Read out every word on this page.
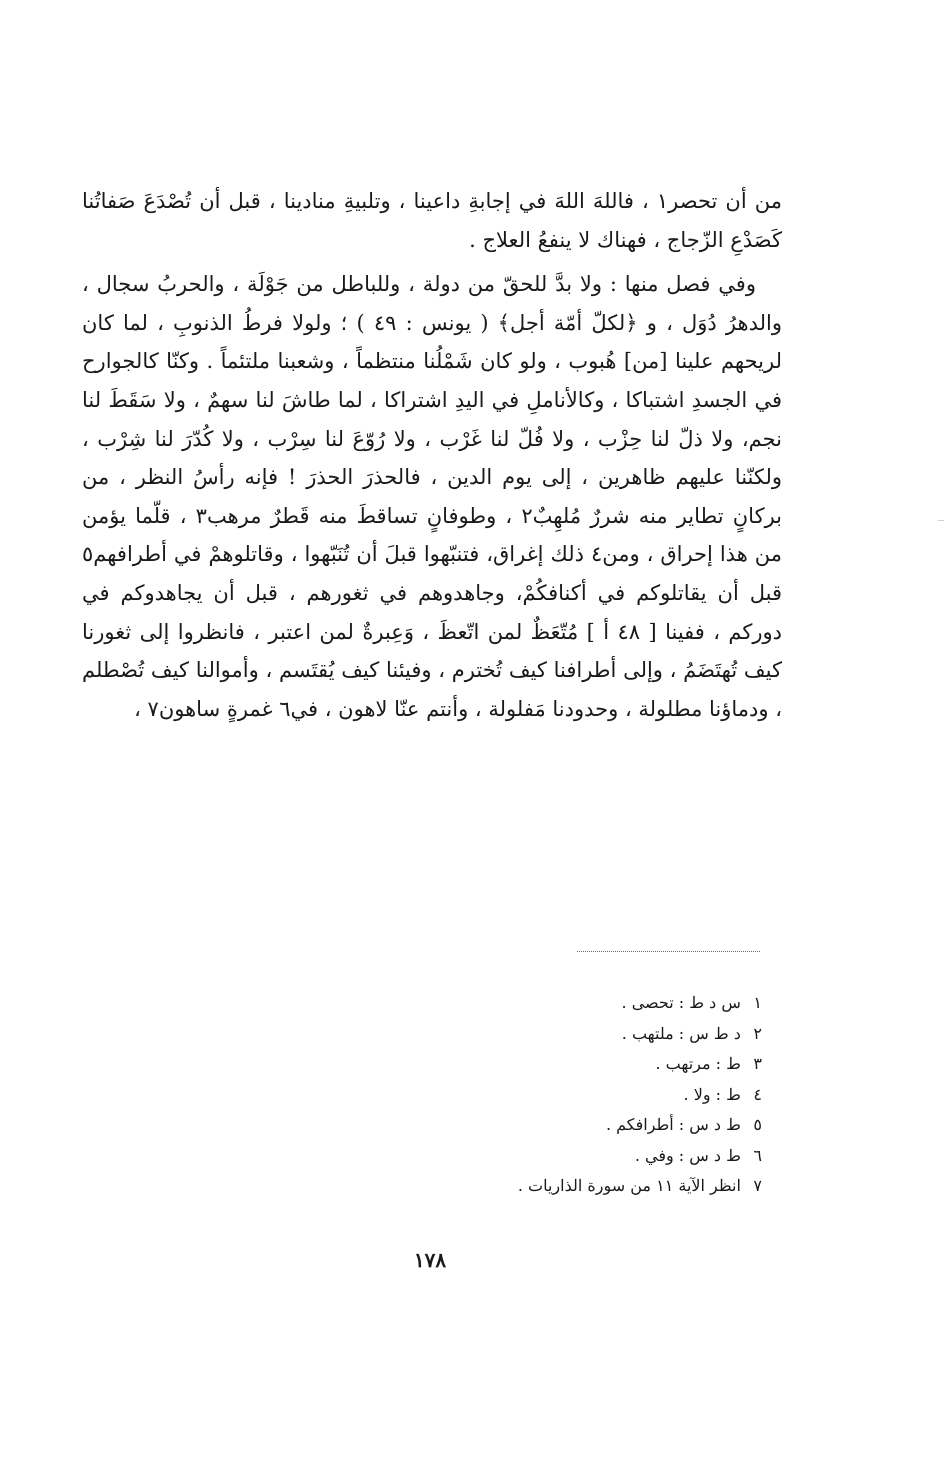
من أن تحصر١ ، فاللهَ اللهَ في إجابةِ داعينا ، وتلبيةِ منادينا ، قبل أن تُصْدَعَ صَفاتُنا كَصَدْعِ الزّجاج ، فهناك لا ينفعُ العلاج .

وفي فصل منها : ولا بدَّ للحقّ من دولة ، وللباطل من جَوْلَة ، والحربُ سجال ، والدهرُ دُوَل ، و ﴿لكلّ أمّة أجل﴾ ( يونس : ٤٩ ) ؛ ولولا فرطُ الذنوبِ ، لما كان لريحهم علينا [من] هُبوب ، ولو كان شَمْلُنا منتظماً ، وشعبنا ملتئماً . وكنّا كالجوارح في الجسدِ اشتباكا ، وكالأناملِ في اليدِ اشتراكا ، لما طاشَ لنا سهمٌ ، ولا سَقَطَ لنا نجم، ولا ذلّ لنا حِزْب ، ولا فُلّ لنا غَرْب ، ولا رُوّعَ لنا سِرْب ، ولا كُدّرَ لنا شِرْب ، ولكنّنا عليهم ظاهرين ، إلى يوم الدين ، فالحذرَ الحذرَ ! فإنه رأسُ النظر ، من بركانٍ تطاير منه شررٌ مُلهِبٌ٢ ، وطوفانٍ تساقطَ منه قَطرٌ مرهب٣ ، قلّما يؤمن من هذا إحراق ، ومن٤ ذلك إغراق، فتنبّهوا قبلَ أن تُنَبّهوا ، وقاتلوهمْ في أطرافهم٥ قبل أن يقاتلوكم في أكنافكُمْ، وجاهدوهم في ثغورهم ، قبل أن يجاهدوكم في دوركم ، ففينا [ ٤٨ أ ] مُتّعَظٌ لمن اتّعظَ ، وَعِبرةٌ لمن اعتبر ، فانظروا إلى ثغورنا كيف تُهتَضَمُ ، وإلى أطرافنا كيف تُخترم ، وفيئنا كيف يُقتَسم ، وأموالنا كيف تُصْطلم ، ودماؤنا مطلولة ، وحدودنا مَفلولة ، وأنتم عنّا لاهون ، في٦ غمرةٍ ساهون٧ ،

١ س د ط : تحصى .
٢ د ط س : ملتهب .
٣ ط : مرتهب .
٤ ط : ولا .
٥ ط د س : أطرافكم .
٦ ط د س : وفي .
٧ انظر الآية ١١ من سورة الذاريات .
١٧٨
